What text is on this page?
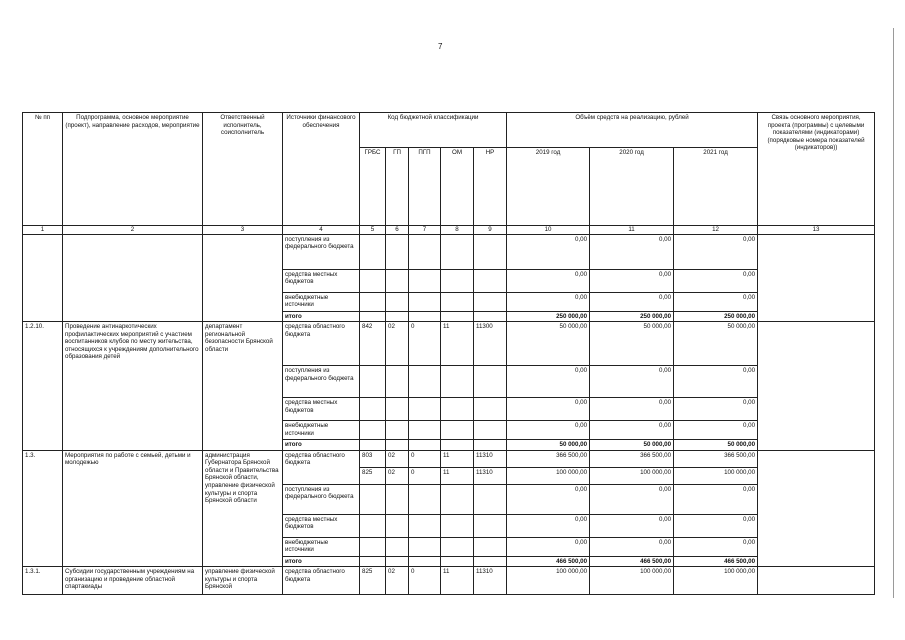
7
№ пп	Подпрограмма, основное мероприятие (проект), направление расходов, мероприятие	Ответственный исполнитель, соисполнитель	Источники финансового обеспечения	Код бюджетной классификации					Объём средств на реализацию, рублей			Связь основного мероприятия, проекта (программы) с целевыми показателями (индикаторами) (порядковые номера показателей (индикаторов))
				ГРБС	ГП	ПГП	ОМ	НР	2019 год	2020 год	2021 год	
1	2	3	4	5	6	7	8	9	10	11	12	13
			поступления из федерального бюджета						0,00	0,00	0,00	
			средства местных бюджетов						0,00	0,00	0,00	
			внебюджетные источники						0,00	0,00	0,00	
			итого						250 000,00	250 000,00	250 000,00	
1.2.10.	Проведение антинаркотических профилактических мероприятий с участием воспитанников клубов по месту жительства, относящихся к учреждениям дополнительного образования детей	департамент региональной безопасности Брянской области	средства областного бюджета	842	02	0	11	11300	50 000,00	50 000,00	50 000,00	
			поступления из федерального бюджета						0,00	0,00	0,00	
			средства местных бюджетов						0,00	0,00	0,00	
			внебюджетные источники						0,00	0,00	0,00	
			итого						50 000,00	50 000,00	50 000,00	
1.3.	Мероприятия по работе с семьей, детьми и молодежью	администрация Губернатора Брянской области и Правительства Брянской области, управление физической культуры и спорта Брянской области	средства областного бюджета	803	02	0	11	11310	366 500,00	366 500,00	366 500,00	
				825	02	0	11	11310	100 000,00	100 000,00	100 000,00	
			поступления из федерального бюджета						0,00	0,00	0,00	
			средства местных бюджетов						0,00	0,00	0,00	
			внебюджетные источники						0,00	0,00	0,00	
			итого						466 500,00	466 500,00	466 500,00	
1.3.1.	Субсидии государственным учреждениям на организацию и проведение областной спартакиады	управление физической культуры и спорта Брянской	средства областного бюджета	825	02	0	11	11310	100 000,00	100 000,00	100 000,00	
